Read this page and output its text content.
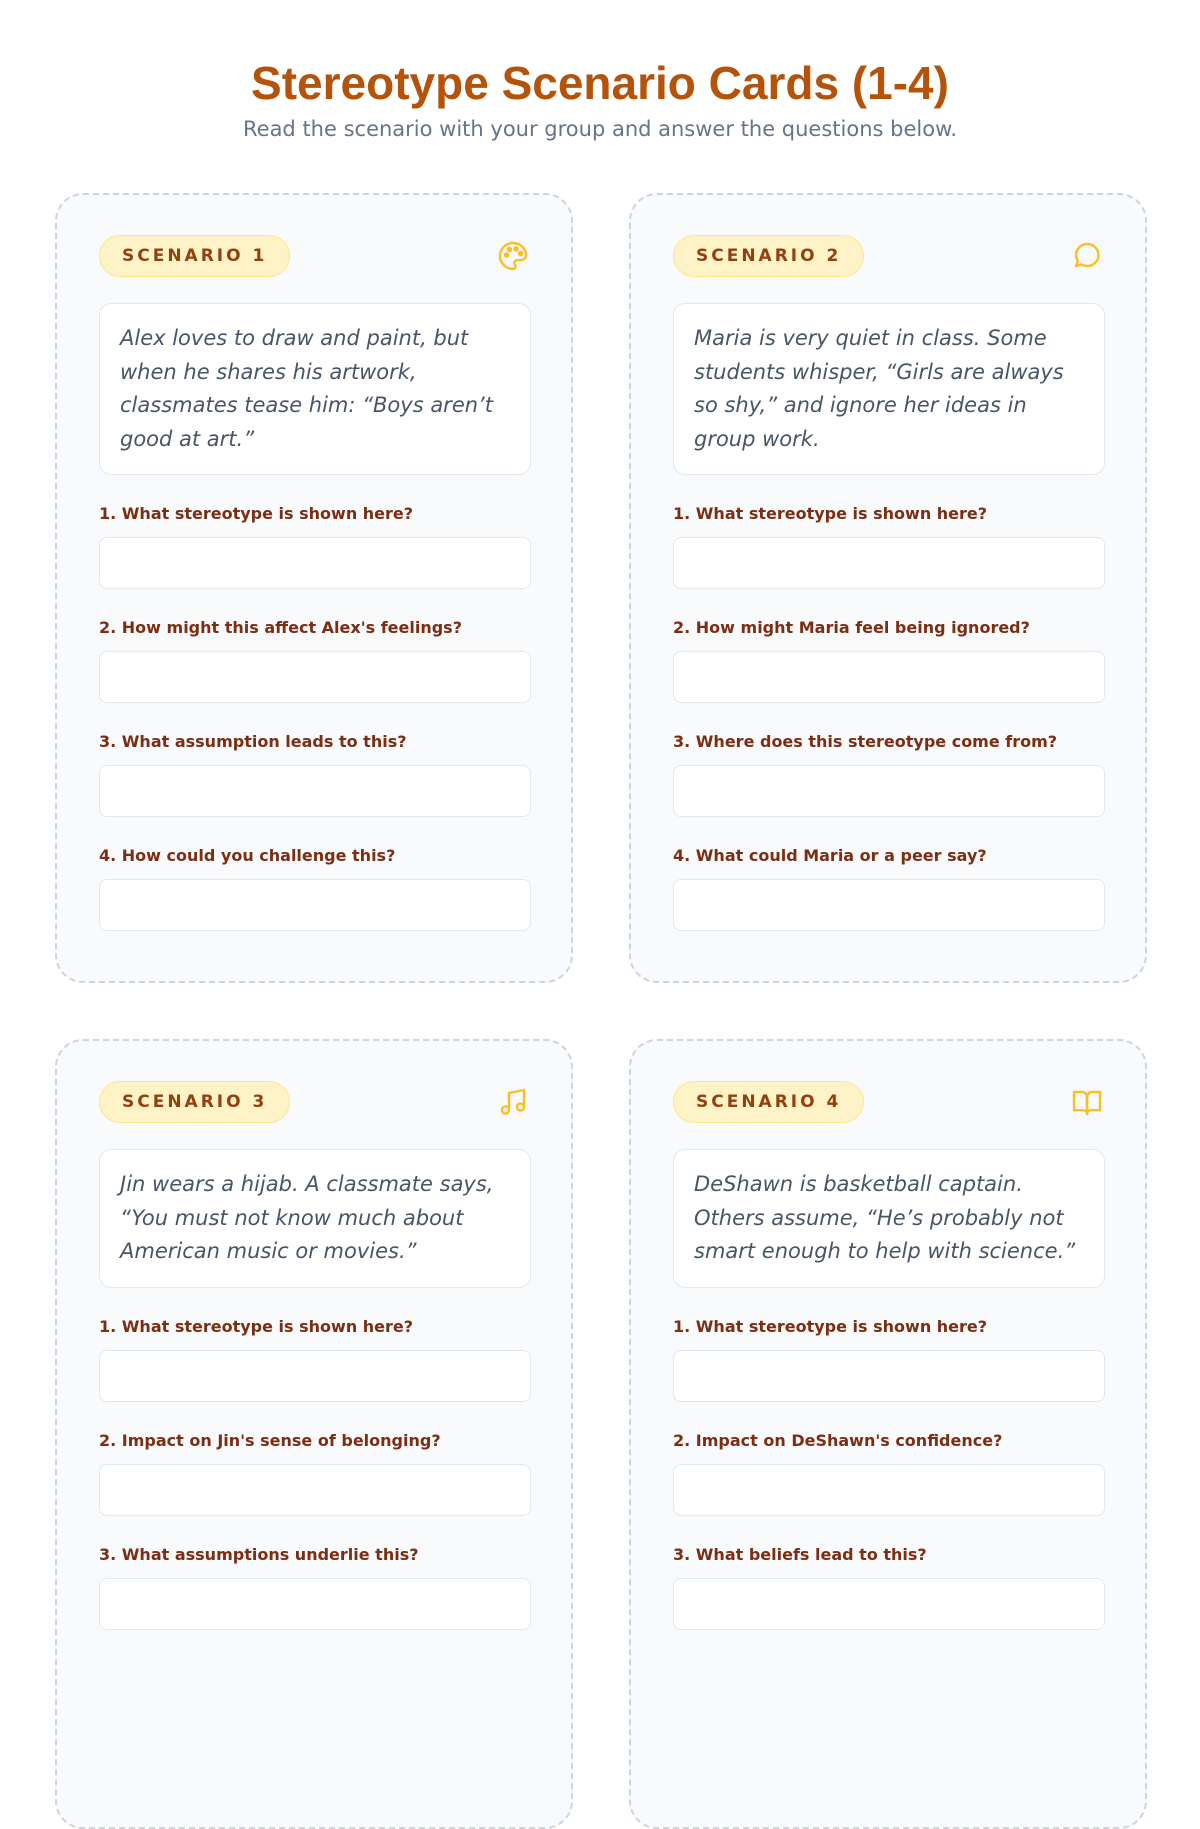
Stereotype Scenario Cards (1-4)

Read the scenario with your group and answer the questions below.

SCENARIO 1
Alex loves to draw and paint, but when he shares his artwork, classmates tease him: “Boys aren’t good at art.”
1. What stereotype is shown here?
2. How might this affect Alex's feelings?
3. What assumption leads to this?
4. How could you challenge this?
SCENARIO 2
Maria is very quiet in class. Some students whisper, “Girls are always so shy,” and ignore her ideas in group work.
1. What stereotype is shown here?
2. How might Maria feel being ignored?
3. Where does this stereotype come from?
4. What could Maria or a peer say?
SCENARIO 3
Jin wears a hijab. A classmate says, “You must not know much about American music or movies.”
1. What stereotype is shown here?
2. Impact on Jin's sense of belonging?
3. What assumptions underlie this?
SCENARIO 4
DeShawn is basketball captain. Others assume, “He’s probably not smart enough to help with science.”
1. What stereotype is shown here?
2. Impact on DeShawn's confidence?
3. What beliefs lead to this?
